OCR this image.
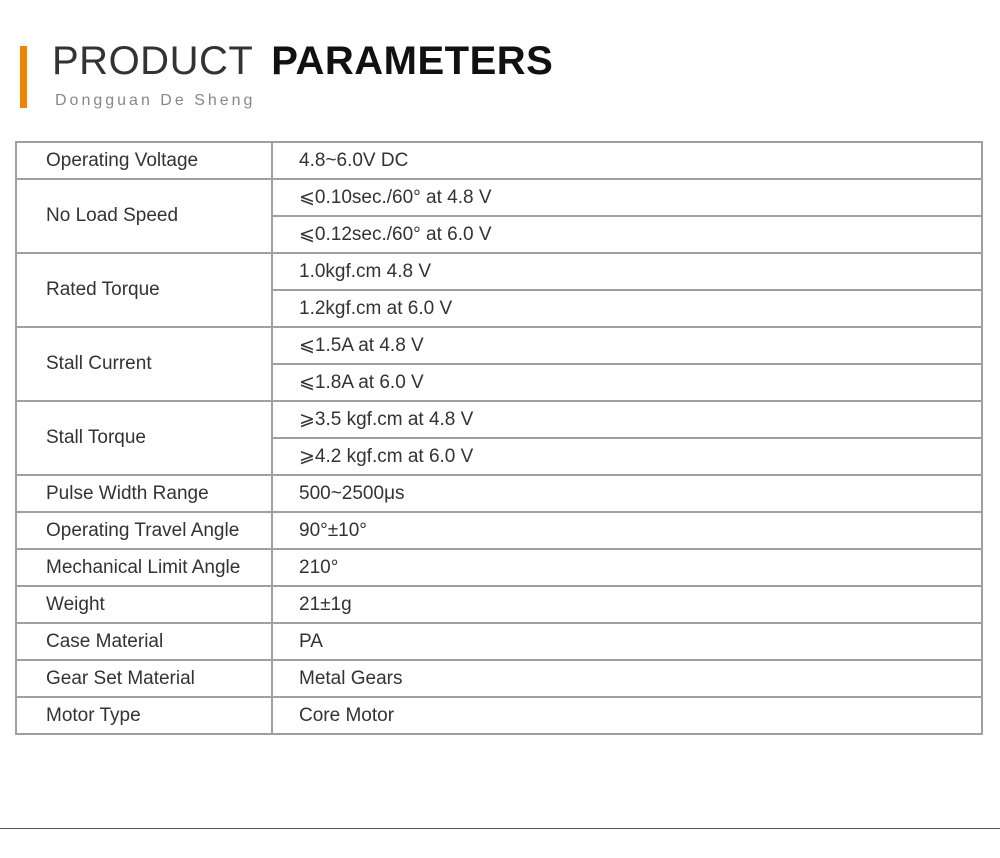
PRODUCT PARAMETERS
Dongguan De Sheng
Operating Voltage	4.8~6.0V DC
No Load Speed	⩽0.10sec./60° at 4.8 V
	⩽0.12sec./60° at 6.0 V
Rated Torque	1.0kgf.cm 4.8 V
	1.2kgf.cm at 6.0 V
Stall Current	⩽1.5A at 4.8 V
	⩽1.8A at 6.0 V
Stall Torque	⩾3.5 kgf.cm at 4.8 V
	⩾4.2 kgf.cm at 6.0 V
Pulse Width Range	500~2500μs
Operating Travel Angle	90°±10°
Mechanical Limit Angle	210°
Weight	21±1g
Case Material	PA
Gear Set Material	Metal Gears
Motor Type	Core Motor
